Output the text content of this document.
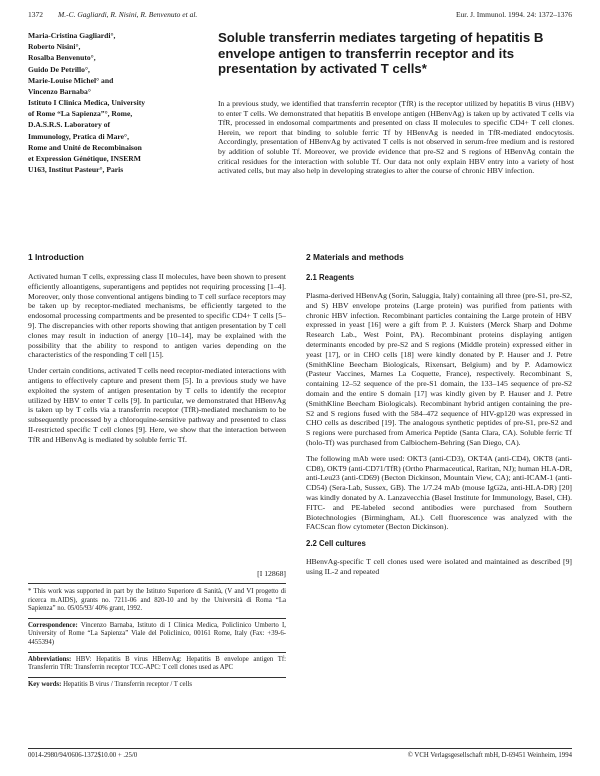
1372 M.-C. Gagliardi, R. Nisini, R. Benvenuto et al.	Eur. J. Immunol. 1994. 24: 1372–1376
Maria-Cristina Gagliardi°,
Roberto Nisini°,
Rosalba Benvenuto°,
Guido De Petrillo°,
Marie-Louise Michel° and
Vincenzo Barnaba°
Istituto I Clinica Medica, University
of Rome “La Sapienza”°, Rome,
D.A.S.R.S. Laboratory of
Immunology, Pratica di Mare°,
Rome and Unité de Recombinaison
et Expression Génétique, INSERM
U163, Institut Pasteur°, Paris
Soluble transferrin mediates targeting of hepatitis B envelope antigen to transferrin receptor and its presentation by activated T cells*

In a previous study, we identified that transferrin receptor (TfR) is the receptor utilized by hepatitis B virus (HBV) to enter T cells. We demonstrated that hepatitis B envelope antigen (HBenvAg) is taken up by activated T cells via TfR, processed in endosomal compartments and presented on class II molecules to specific CD4+ T cell clones. Herein, we report that binding to soluble ferric Tf by HBenvAg is needed in TfR-mediated endocytosis. Accordingly, presentation of HBenvAg by activated T cells is not observed in serum-free medium and is restored by addition of soluble Tf. Moreover, we provide evidence that pre-S2 and S regions of HBenvAg contain the critical residues for the interaction with soluble Tf. Our data not only explain HBV entry into a variety of host activated cells, but may also help in developing strategies to alter the course of chronic HBV infection.

1 Introduction

Activated human T cells, expressing class II molecules, have been shown to present efficiently alloantigens, superantigens and peptides not requiring processing [1–4]. Moreover, only those conventional antigens binding to T cell surface receptors may be taken up by receptor-mediated mechanisms, be efficiently targeted to the endosomal processing compartments and be presented to specific CD4+ T cells [5–9]. The discrepancies with other reports showing that antigen presentation by T cell clones may result in induction of anergy [10–14], may be explained with the possibility that the ability to respond to antigen varies depending on the characteristics of the responding T cell [15].

Under certain conditions, activated T cells need receptor-mediated interactions with antigens to effectively capture and present them [5]. In a previous study we have exploited the system of antigen presentation by T cells to identify the receptor utilized by HBV to enter T cells [9]. In particular, we demonstrated that HBenvAg is taken up by T cells via a transferrin receptor (TfR)-mediated mechanism to be subsequently processed by a chloroquine-sensitive pathway and presented to class II-restricted specific T cell clones [9]. Here, we show that the interaction between TfR and HBenvAg is mediated by soluble ferric Tf.

[I 12868]

* This work was supported in part by the Istituto Superiore di Sanità, (V and VI progetto di ricerca m.AIDS), grants no. 7211-06 and 820-10 and by the Università di Roma “La Sapienza” no. 05/05/93/ 40% grant, 1992.

Correspondence: Vincenzo Barnaba, Istituto di I Clinica Medica, Policlinico Umberto I, University of Rome “La Sapienza” Viale del Policlinico, 00161 Rome, Italy (Fax: +39-6-4455394)

Abbreviations: HBV: Hepatitis B virus HBenvAg: Hepatitis B envelope antigen Tf: Transferrin TfR: Transferrin receptor TCC-APC: T cell clones used as APC

Key words: Hepatitis B virus / Transferrin receptor / T cells

2 Materials and methods
2.1 Reagents

Plasma-derived HBenvAg (Sorin, Saluggia, Italy) containing all three (pre-S1, pre-S2, and S) HBV envelope proteins (Large protein) was purified from patients with chronic HBV infection. Recombinant particles containing the Large protein of HBV expressed in yeast [16] were a gift from P. J. Kuisters (Merck Sharp and Dohme Research Lab., West Point, PA). Recombinant proteins displaying antigen determinants encoded by pre-S2 and S regions (Middle protein) expressed either in yeast [17], or in CHO cells [18] were kindly donated by P. Hauser and J. Petre (SmithKline Beecham Biologicals, Rixensart, Belgium) and by P. Adamowicz (Pasteur Vaccines, Marnes La Coquette, France), respectively. Recombinant S, containing 12–52 sequence of the pre-S1 domain, the 133–145 sequence of pre-S2 domain and the entire S domain [17] was kindly given by P. Hauser and J. Petre (SmithKline Beecham Biologicals). Recombinant hybrid antigen containing the pre-S2 and S regions fused with the 584–472 sequence of HIV-gp120 was expressed in CHO cells as described [19]. The analogous synthetic peptides of pre-S1, pre-S2 and S regions were purchased from America Peptide (Santa Clara, CA). Soluble ferric Tf (holo-Tf) was purchased from Calbiochem-Behring (San Diego, CA).

The following mAb were used: OKT3 (anti-CD3), OKT4A (anti-CD4), OKT8 (anti-CD8), OKT9 (anti-CD71/TfR) (Ortho Pharmaceutical, Raritan, NJ); human HLA-DR, anti-Leu23 (anti-CD69) (Becton Dickinson, Mountain View, CA); anti-ICAM-1 (anti-CD54) (Sera-Lab, Sussex, GB). The 1/7.24 mAb (mouse IgG2a, anti-HLA-DR) [20] was kindly donated by A. Lanzavecchia (Basel Institute for Immunology, Basel, CH). FITC- and PE-labeled second antibodies were purchased from Southern Biotechnologies (Birmingham, AL). Cell fluorescence was analyzed with the FACScan flow cytometer (Becton Dickinson).

2.2 Cell cultures

HBenvAg-specific T cell clones used were isolated and maintained as described [9] using IL-2 and repeated

0014-2980/94/0606-1372$10.00 + .25/0	© VCH Verlagsgesellschaft mbH, D-69451 Weinheim, 1994
